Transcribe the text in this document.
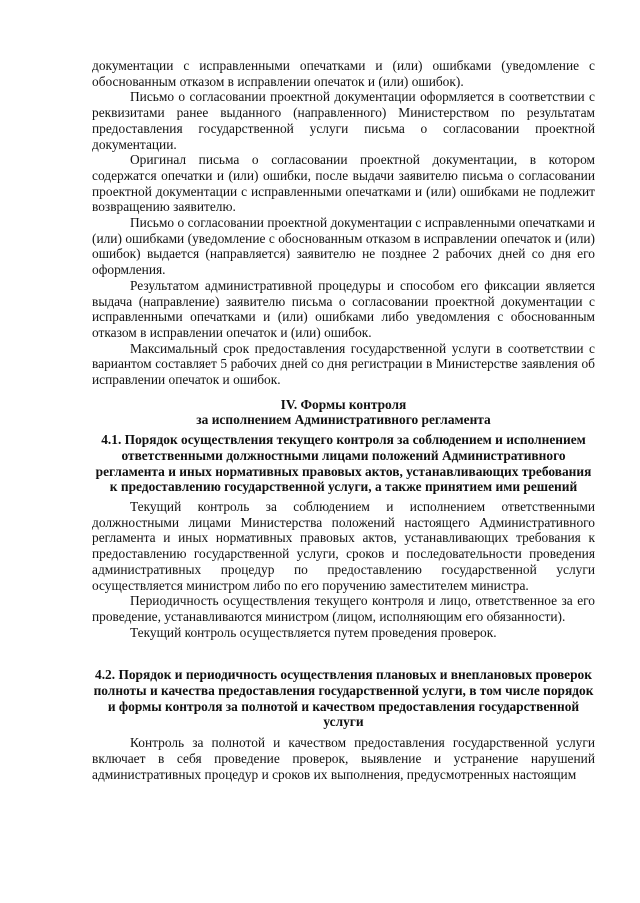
документации с исправленными опечатками и (или) ошибками (уведомление с обоснованным отказом в исправлении опечаток и (или) ошибок).

Письмо о согласовании проектной документации оформляется в соответствии с реквизитами ранее выданного (направленного) Министерством по результатам предоставления государственной услуги письма о согласовании проектной документации.

Оригинал письма о согласовании проектной документации, в котором содержатся опечатки и (или) ошибки, после выдачи заявителю письма о согласовании проектной документации с исправленными опечатками и (или) ошибками не подлежит возвращению заявителю.

Письмо о согласовании проектной документации с исправленными опечатками и (или) ошибками (уведомление с обоснованным отказом в исправлении опечаток и (или) ошибок) выдается (направляется) заявителю не позднее 2 рабочих дней со дня его оформления.

Результатом административной процедуры и способом его фиксации является выдача (направление) заявителю письма о согласовании проектной документации с исправленными опечатками и (или) ошибками либо уведомления с обоснованным отказом в исправлении опечаток и (или) ошибок.

Максимальный срок предоставления государственной услуги в соответствии с вариантом составляет 5 рабочих дней со дня регистрации в Министерстве заявления об исправлении опечаток и ошибок.

IV. Формы контроля
за исполнением Административного регламента
4.1. Порядок осуществления текущего контроля за соблюдением и исполнением ответственными должностными лицами положений Административного регламента и иных нормативных правовых актов, устанавливающих требования к предоставлению государственной услуги, а также принятием ими решений

Текущий контроль за соблюдением и исполнением ответственными должностными лицами Министерства положений настоящего Административного регламента и иных нормативных правовых актов, устанавливающих требования к предоставлению государственной услуги, сроков и последовательности проведения административных процедур по предоставлению государственной услуги осуществляется министром либо по его поручению заместителем министра.

Периодичность осуществления текущего контроля и лицо, ответственное за его проведение, устанавливаются министром (лицом, исполняющим его обязанности).

Текущий контроль осуществляется путем проведения проверок.

4.2. Порядок и периодичность осуществления плановых и внеплановых проверок полноты и качества предоставления государственной услуги, в том числе порядок и формы контроля за полнотой и качеством предоставления государственной услуги

Контроль за полнотой и качеством предоставления государственной услуги включает в себя проведение проверок, выявление и устранение нарушений административных процедур и сроков их выполнения, предусмотренных настоящим
